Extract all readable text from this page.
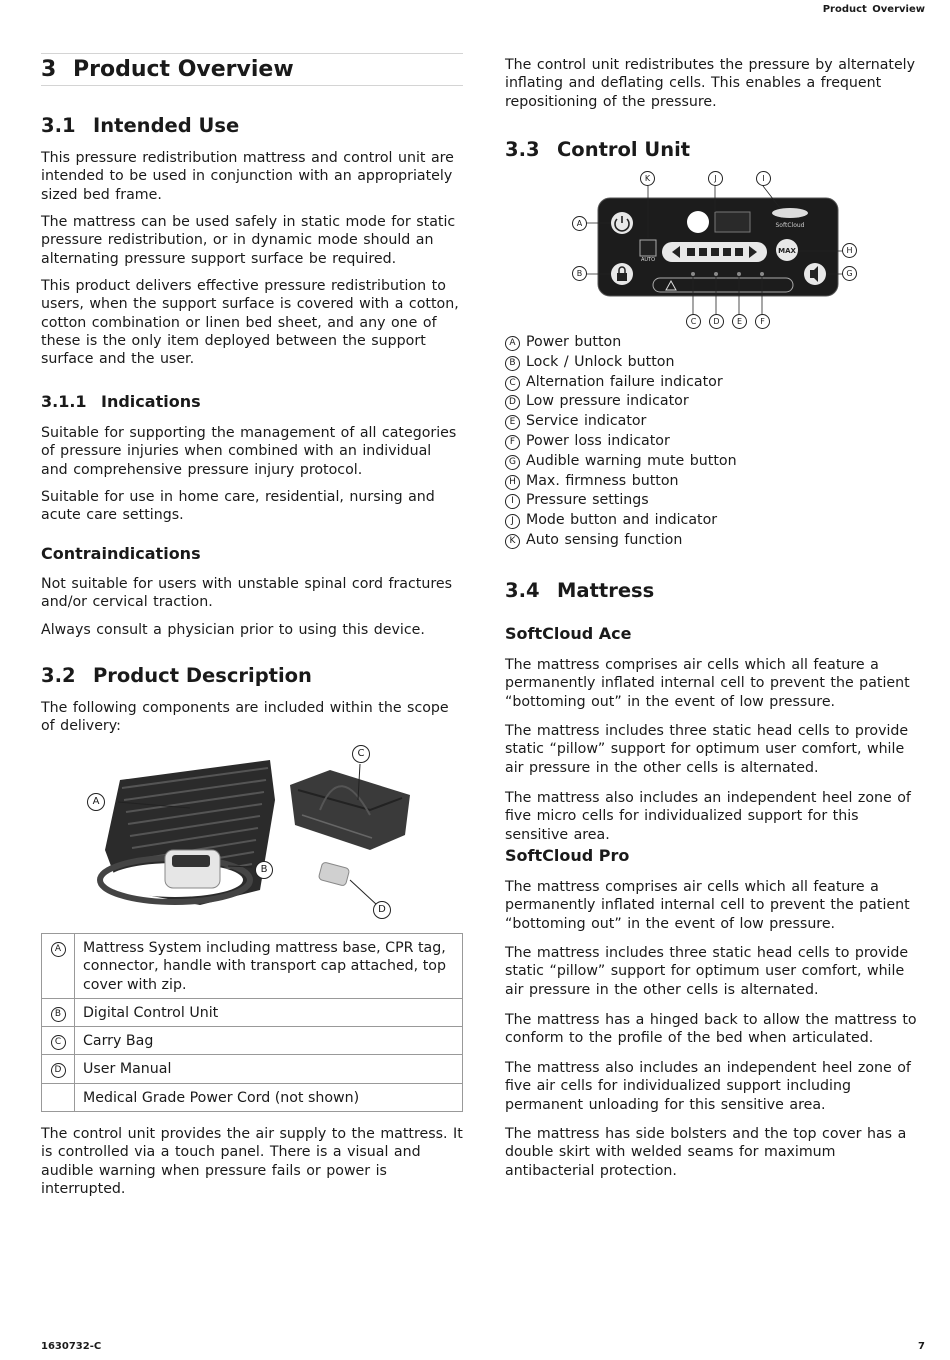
Product Overview
1630732-C	7
3 Product Overview
3.1 Intended Use

This pressure redistribution mattress and control unit are intended to be used in conjunction with an appropriately sized bed frame.

The mattress can be used safely in static mode for static pressure redistribution, or in dynamic mode should an alternating pressure support surface be required.

This product delivers effective pressure redistribution to users, when the support surface is covered with a cotton, cotton combination or linen bed sheet, and any one of these is the only item deployed between the support surface and the user.

3.1.1 Indications

Suitable for supporting the management of all categories of pressure injuries when combined with an individual and comprehensive pressure injury protocol.

Suitable for use in home care, residential, nursing and acute care settings.

Contraindications

Not suitable for users with unstable spinal cord fractures and/or cervical traction.

Always consult a physician prior to using this device.

3.2 Product Description

The following components are included within the scope of delivery:

A
B
C
D
A	Mattress System including mattress base, CPR tag, connector, handle with transport cap attached, top cover with zip.
B	Digital Control Unit
C	Carry Bag
D	User Manual
	Medical Grade Power Cord (not shown)

The control unit provides the air supply to the mattress. It is controlled via a touch panel. There is a visual and audible warning when pressure fails or power is interrupted.

The control unit redistributes the pressure by alternately inflating and deflating cells. This enables a frequent repositioning of the pressure.

3.3 Control Unit
AUTO
SoftCloud
MAX
K	J	I
A
B
H
G
C	D	E	F

A Power button

B Lock / Unlock button

C Alternation failure indicator

D Low pressure indicator

E Service indicator

F Power loss indicator

G Audible warning mute button

H Max. firmness button

I Pressure settings

J Mode button and indicator

K Auto sensing function

3.4 Mattress
SoftCloud Ace

The mattress comprises air cells which all feature a permanently inflated internal cell to prevent the patient “bottoming out” in the event of low pressure.

The mattress includes three static head cells to provide static “pillow” support for optimum user comfort, while air pressure in the other cells is alternated.

The mattress also includes an independent heel zone of five micro cells for individualized support for this sensitive area.

SoftCloud Pro

The mattress comprises air cells which all feature a permanently inflated internal cell to prevent the patient “bottoming out” in the event of low pressure.

The mattress includes three static head cells to provide static “pillow” support for optimum user comfort, while air pressure in the other cells is alternated.

The mattress has a hinged back to allow the mattress to conform to the profile of the bed when articulated.

The mattress also includes an independent heel zone of five air cells for individualized support including permanent unloading for this sensitive area.

The mattress has side bolsters and the top cover has a double skirt with welded seams for maximum antibacterial protection.
